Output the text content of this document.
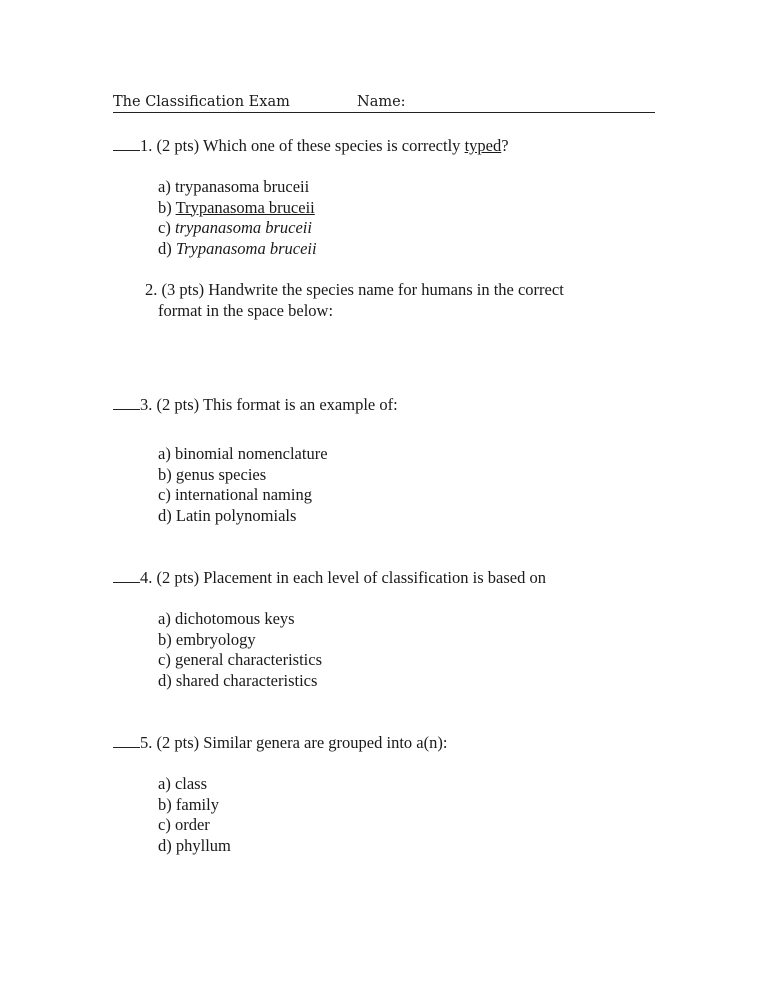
The Classification Exam	Name:
1. (2 pts) Which one of these species is correctly typed?
a) trypanasoma bruceii
b) Trypanasoma bruceii
c) trypanasoma bruceii
d) Trypanasoma bruceii
2. (3 pts) Handwrite the species name for humans in the correct
format in the space below:
3. (2 pts) This format is an example of:
a) binomial nomenclature
b) genus species
c) international naming
d) Latin polynomials
4. (2 pts) Placement in each level of classification is based on
a) dichotomous keys
b) embryology
c) general characteristics
d) shared characteristics
5. (2 pts) Similar genera are grouped into a(n):
a) class
b) family
c) order
d) phyllum
